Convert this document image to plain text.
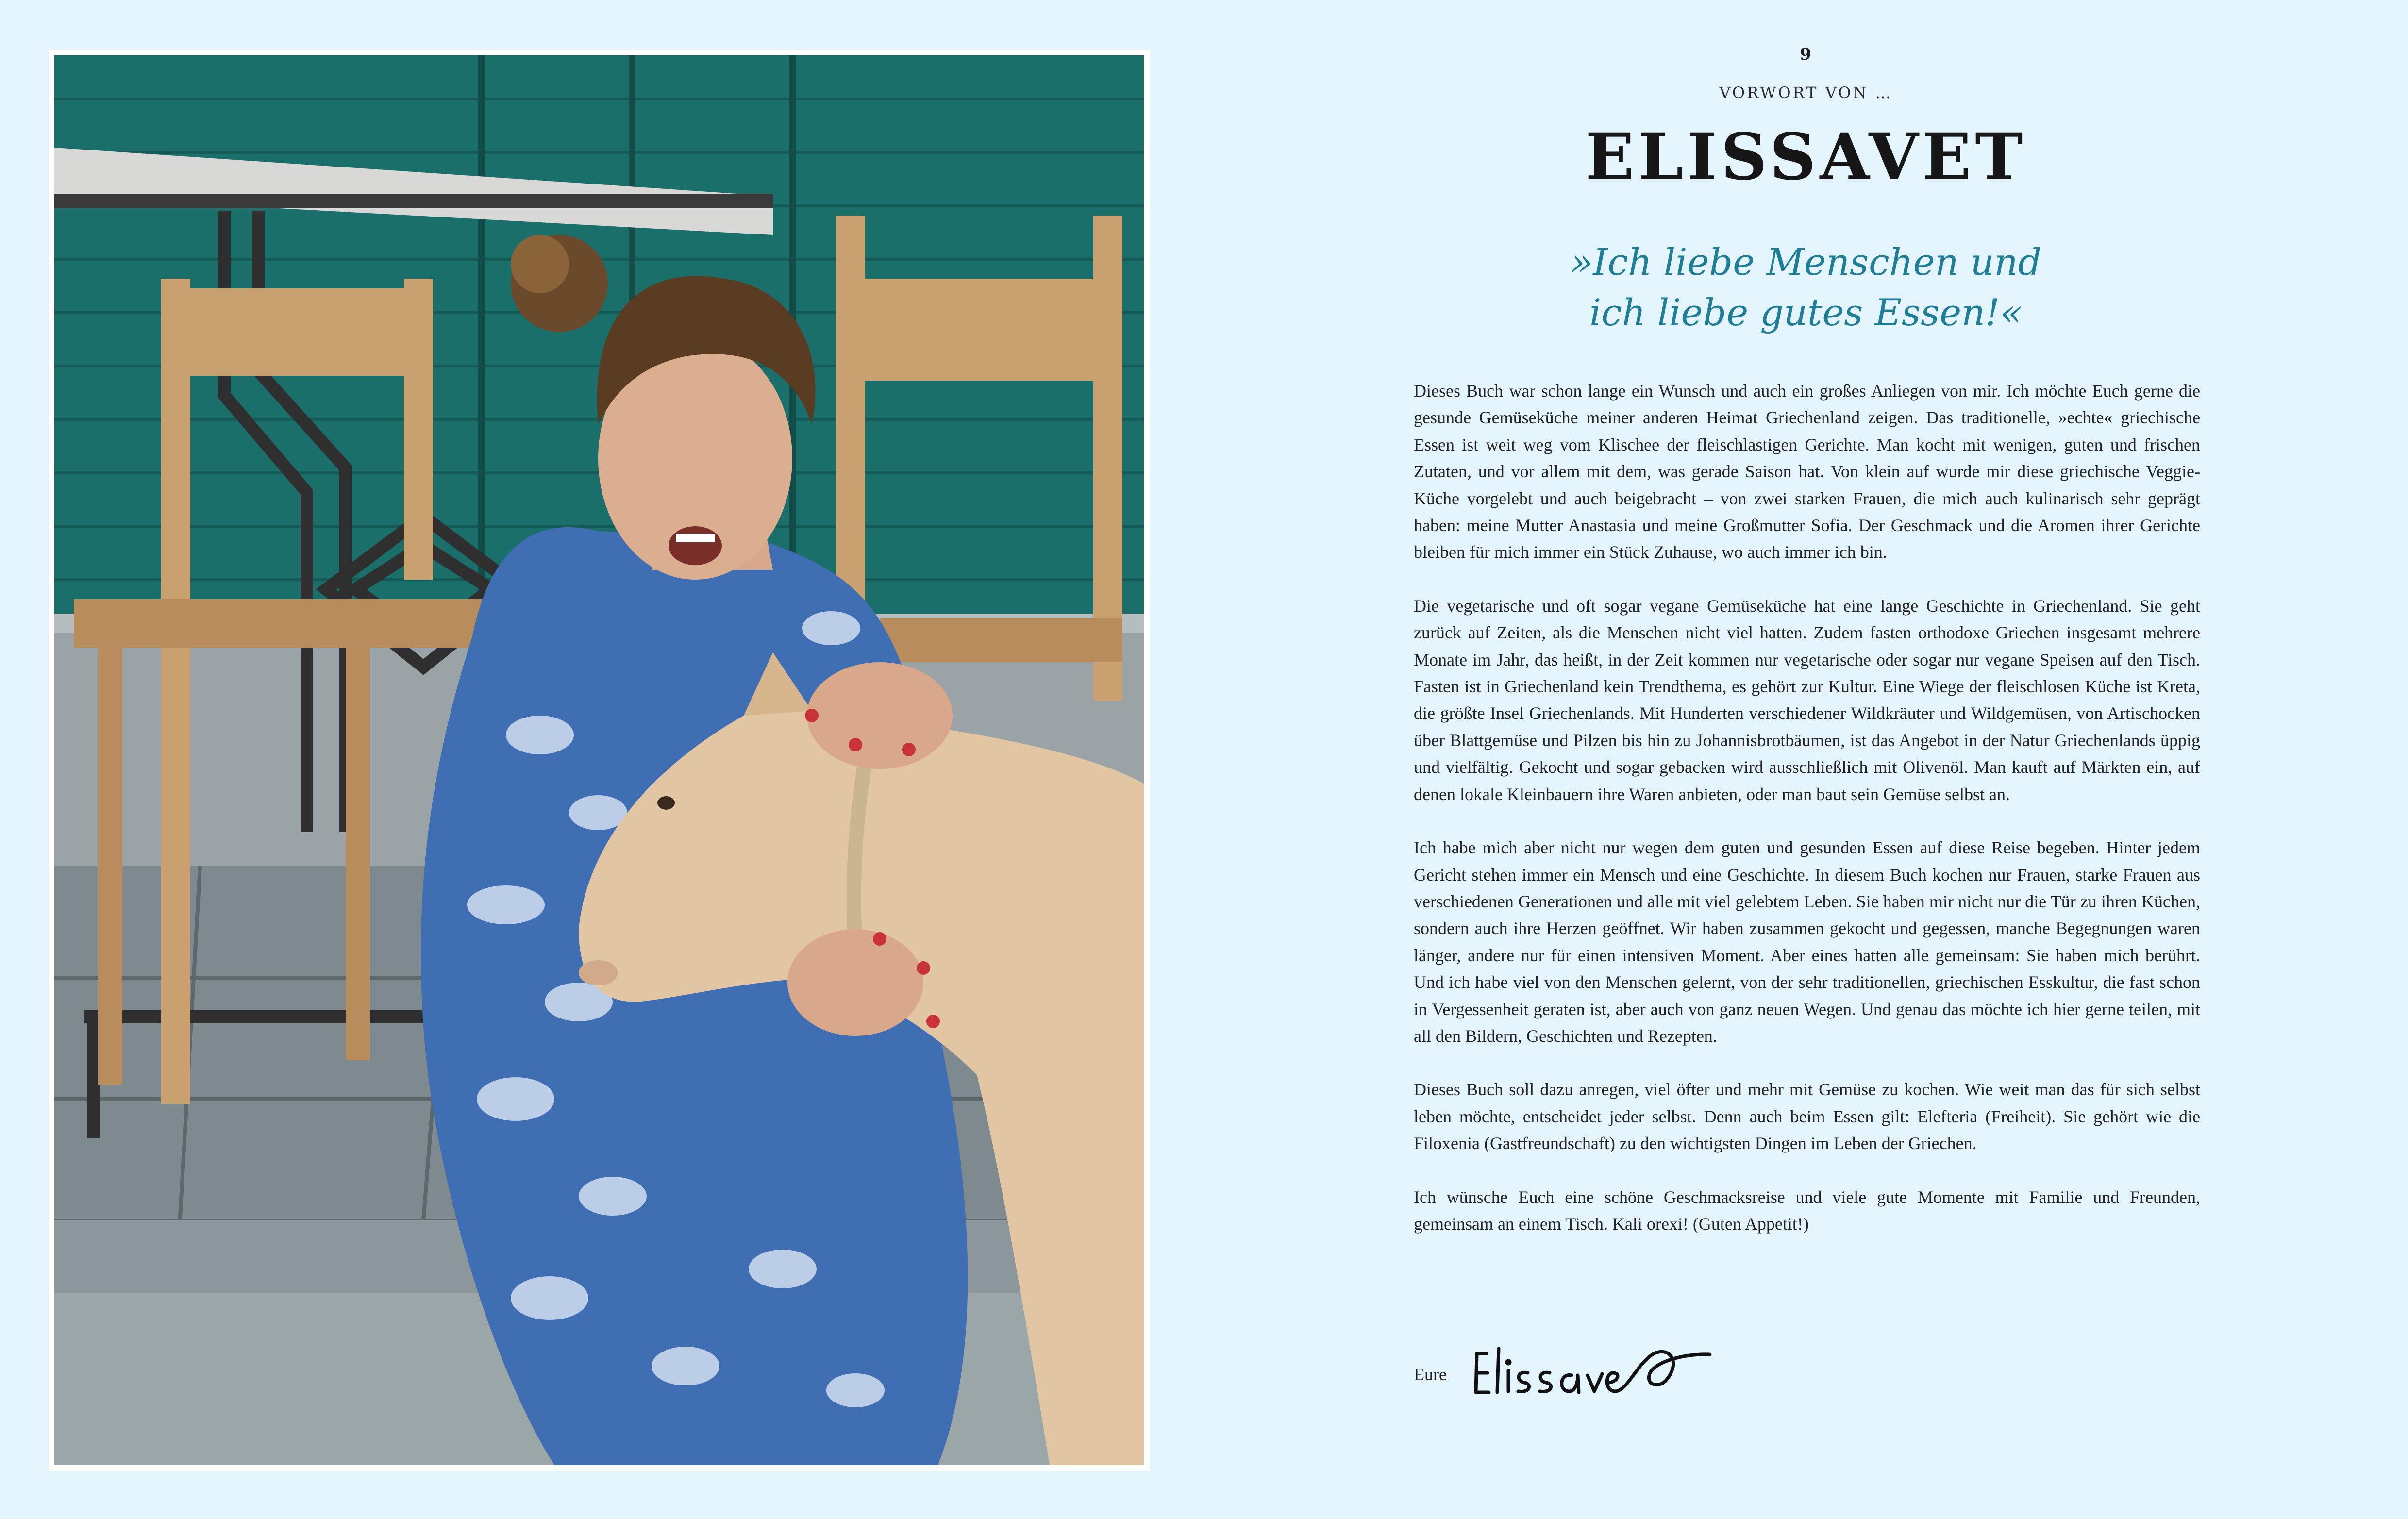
9
VORWORT VON …
ELISSAVET
»Ich liebe Menschen und
ich liebe gutes Essen!«

Dieses Buch war schon lange ein Wunsch und auch ein großes Anliegen von mir. Ich möchte Euch gerne die gesunde Gemüseküche meiner anderen Heimat Griechenland zeigen. Das traditionelle, »echte« griechische Essen ist weit weg vom Klischee der fleischlastigen Gerichte. Man kocht mit wenigen, guten und frischen Zutaten, und vor allem mit dem, was gerade Saison hat. Von klein auf wurde mir diese griechische Veggie-Küche vorgelebt und auch beigebracht – von zwei starken Frauen, die mich auch kulinarisch sehr geprägt haben: meine Mutter Anastasia und meine Großmutter Sofia. Der Geschmack und die Aromen ihrer Gerichte bleiben für mich immer ein Stück Zuhause, wo auch immer ich bin.

Die vegetarische und oft sogar vegane Gemüseküche hat eine lange Geschichte in Griechenland. Sie geht zurück auf Zeiten, als die Menschen nicht viel hatten. Zudem fasten orthodoxe Griechen insgesamt mehrere Monate im Jahr, das heißt, in der Zeit kommen nur vegetarische oder sogar nur vegane Speisen auf den Tisch. Fasten ist in Griechenland kein Trendthema, es gehört zur Kultur. Eine Wiege der fleischlosen Küche ist Kreta, die größte Insel Griechenlands. Mit Hunderten verschiedener Wildkräuter und Wildgemüsen, von Artischocken über Blattgemüse und Pilzen bis hin zu Johannisbrotbäumen, ist das Angebot in der Natur Griechenlands üppig und vielfältig. Gekocht und sogar gebacken wird ausschließlich mit Olivenöl. Man kauft auf Märkten ein, auf denen lokale Kleinbauern ihre Waren anbieten, oder man baut sein Gemüse selbst an.

Ich habe mich aber nicht nur wegen dem guten und gesunden Essen auf diese Reise begeben. Hinter jedem Gericht stehen immer ein Mensch und eine Geschichte. In diesem Buch kochen nur Frauen, starke Frauen aus verschiedenen Generationen und alle mit viel gelebtem Leben. Sie haben mir nicht nur die Tür zu ihren Küchen, sondern auch ihre Herzen geöffnet. Wir haben zusammen gekocht und gegessen, manche Begegnungen waren länger, andere nur für einen intensiven Moment. Aber eines hatten alle gemeinsam: Sie haben mich berührt. Und ich habe viel von den Menschen gelernt, von der sehr traditionellen, griechischen Esskultur, die fast schon in Vergessenheit geraten ist, aber auch von ganz neuen Wegen. Und genau das möchte ich hier gerne teilen, mit all den Bildern, Geschichten und Rezepten.

Dieses Buch soll dazu anregen, viel öfter und mehr mit Gemüse zu kochen. Wie weit man das für sich selbst leben möchte, entscheidet jeder selbst. Denn auch beim Essen gilt: Elefteria (Freiheit). Sie gehört wie die Filoxenia (Gastfreundschaft) zu den wichtigsten Dingen im Leben der Griechen.

Ich wünsche Euch eine schöne Geschmacksreise und viele gute Momente mit Familie und Freunden, gemeinsam an einem Tisch. Kali orexi! (Guten Appetit!)

Eure
